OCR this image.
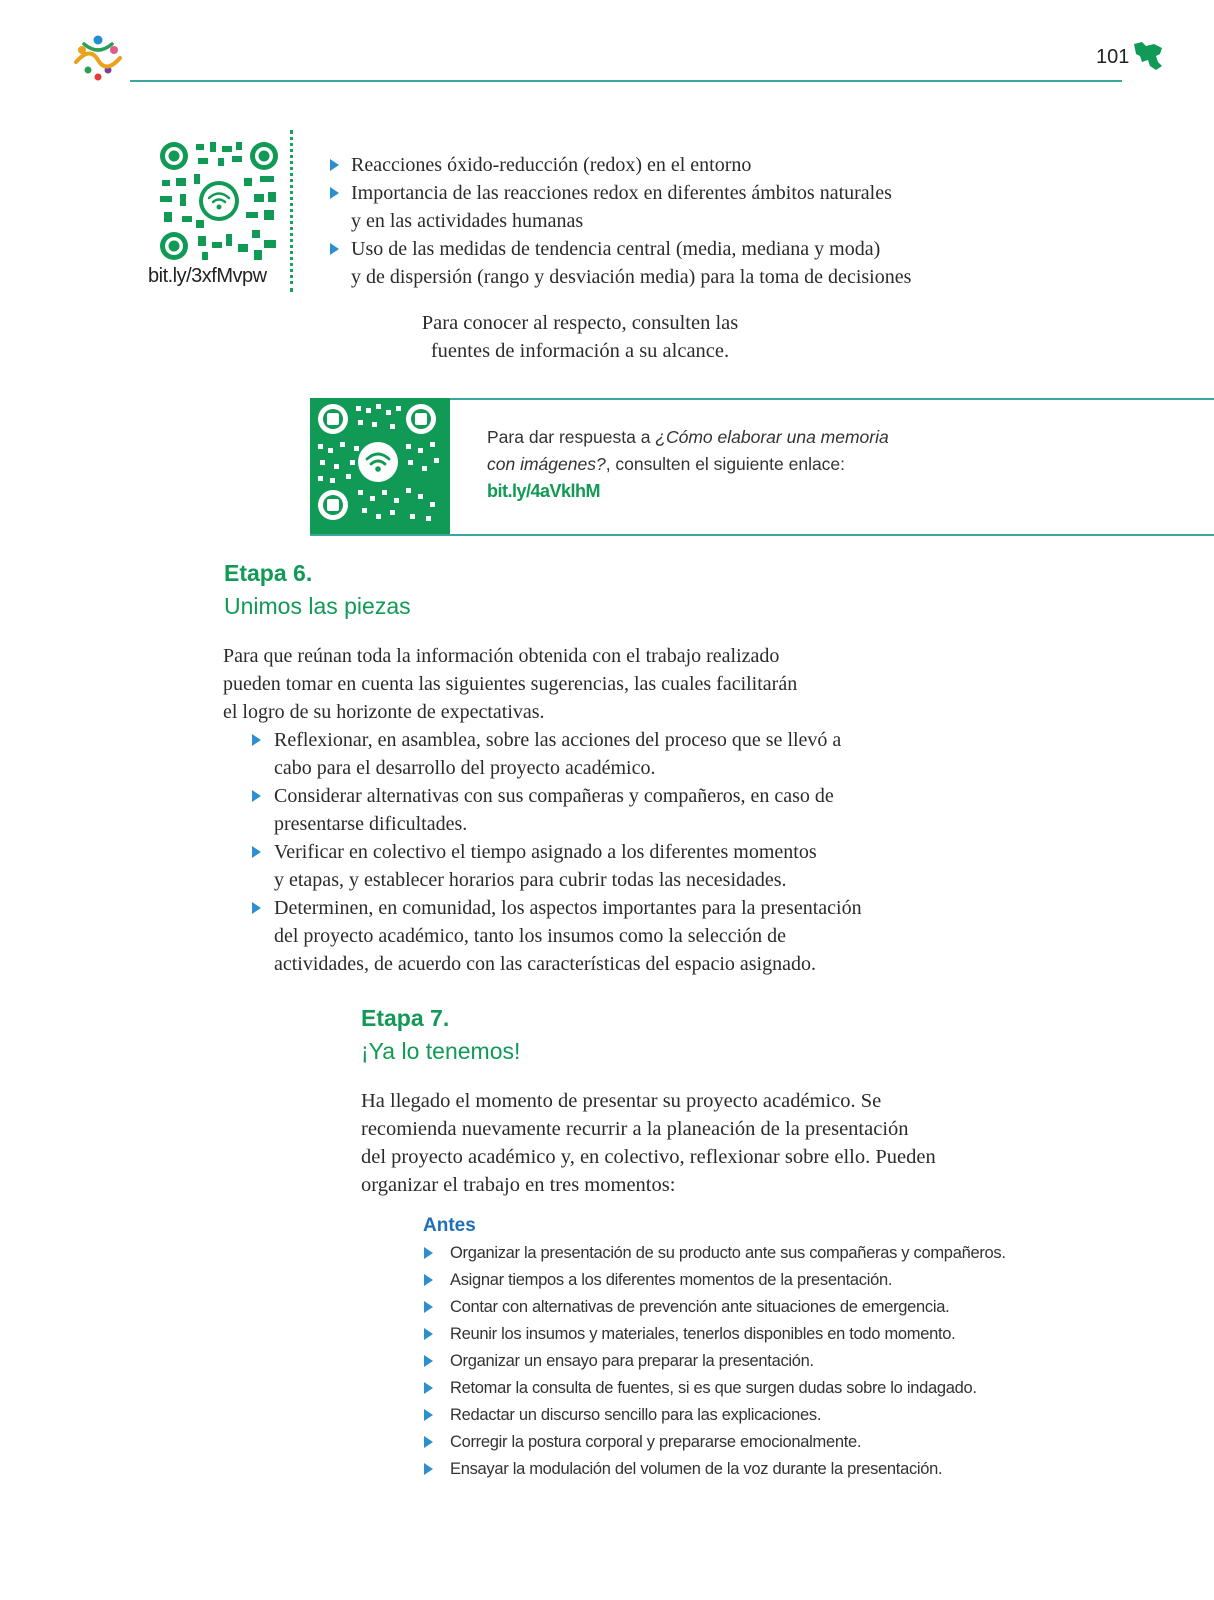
101
bit.ly/3xfMvpw
Reacciones óxido-reducción (redox) en el entorno
Importancia de las reacciones redox en diferentes ámbitos naturales
y en las actividades humanas
Uso de las medidas de tendencia central (media, mediana y moda)
y de dispersión (rango y desviación media) para la toma de decisiones
Para conocer al respecto, consulten las
fuentes de información a su alcance.
Para dar respuesta a ¿Cómo elaborar una memoria
con imágenes?, consulten el siguiente enlace:
bit.ly/4aVklhM
Etapa 6.
Unimos las piezas
Para que reúnan toda la información obtenida con el trabajo realizado
pueden tomar en cuenta las siguientes sugerencias, las cuales facilitarán
el logro de su horizonte de expectativas.
Reflexionar, en asamblea, sobre las acciones del proceso que se llevó a
cabo para el desarrollo del proyecto académico.
Considerar alternativas con sus compañeras y compañeros, en caso de
presentarse dificultades.
Verificar en colectivo el tiempo asignado a los diferentes momentos
y etapas, y establecer horarios para cubrir todas las necesidades.
Determinen, en comunidad, los aspectos importantes para la presentación
del proyecto académico, tanto los insumos como la selección de
actividades, de acuerdo con las características del espacio asignado.
Etapa 7.
¡Ya lo tenemos!
Ha llegado el momento de presentar su proyecto académico. Se
recomienda nuevamente recurrir a la planeación de la presentación
del proyecto académico y, en colectivo, reflexionar sobre ello. Pueden
organizar el trabajo en tres momentos:
Antes
Organizar la presentación de su producto ante sus compañeras y compañeros.
Asignar tiempos a los diferentes momentos de la presentación.
Contar con alternativas de prevención ante situaciones de emergencia.
Reunir los insumos y materiales, tenerlos disponibles en todo momento.
Organizar un ensayo para preparar la presentación.
Retomar la consulta de fuentes, si es que surgen dudas sobre lo indagado.
Redactar un discurso sencillo para las explicaciones.
Corregir la postura corporal y prepararse emocionalmente.
Ensayar la modulación del volumen de la voz durante la presentación.
